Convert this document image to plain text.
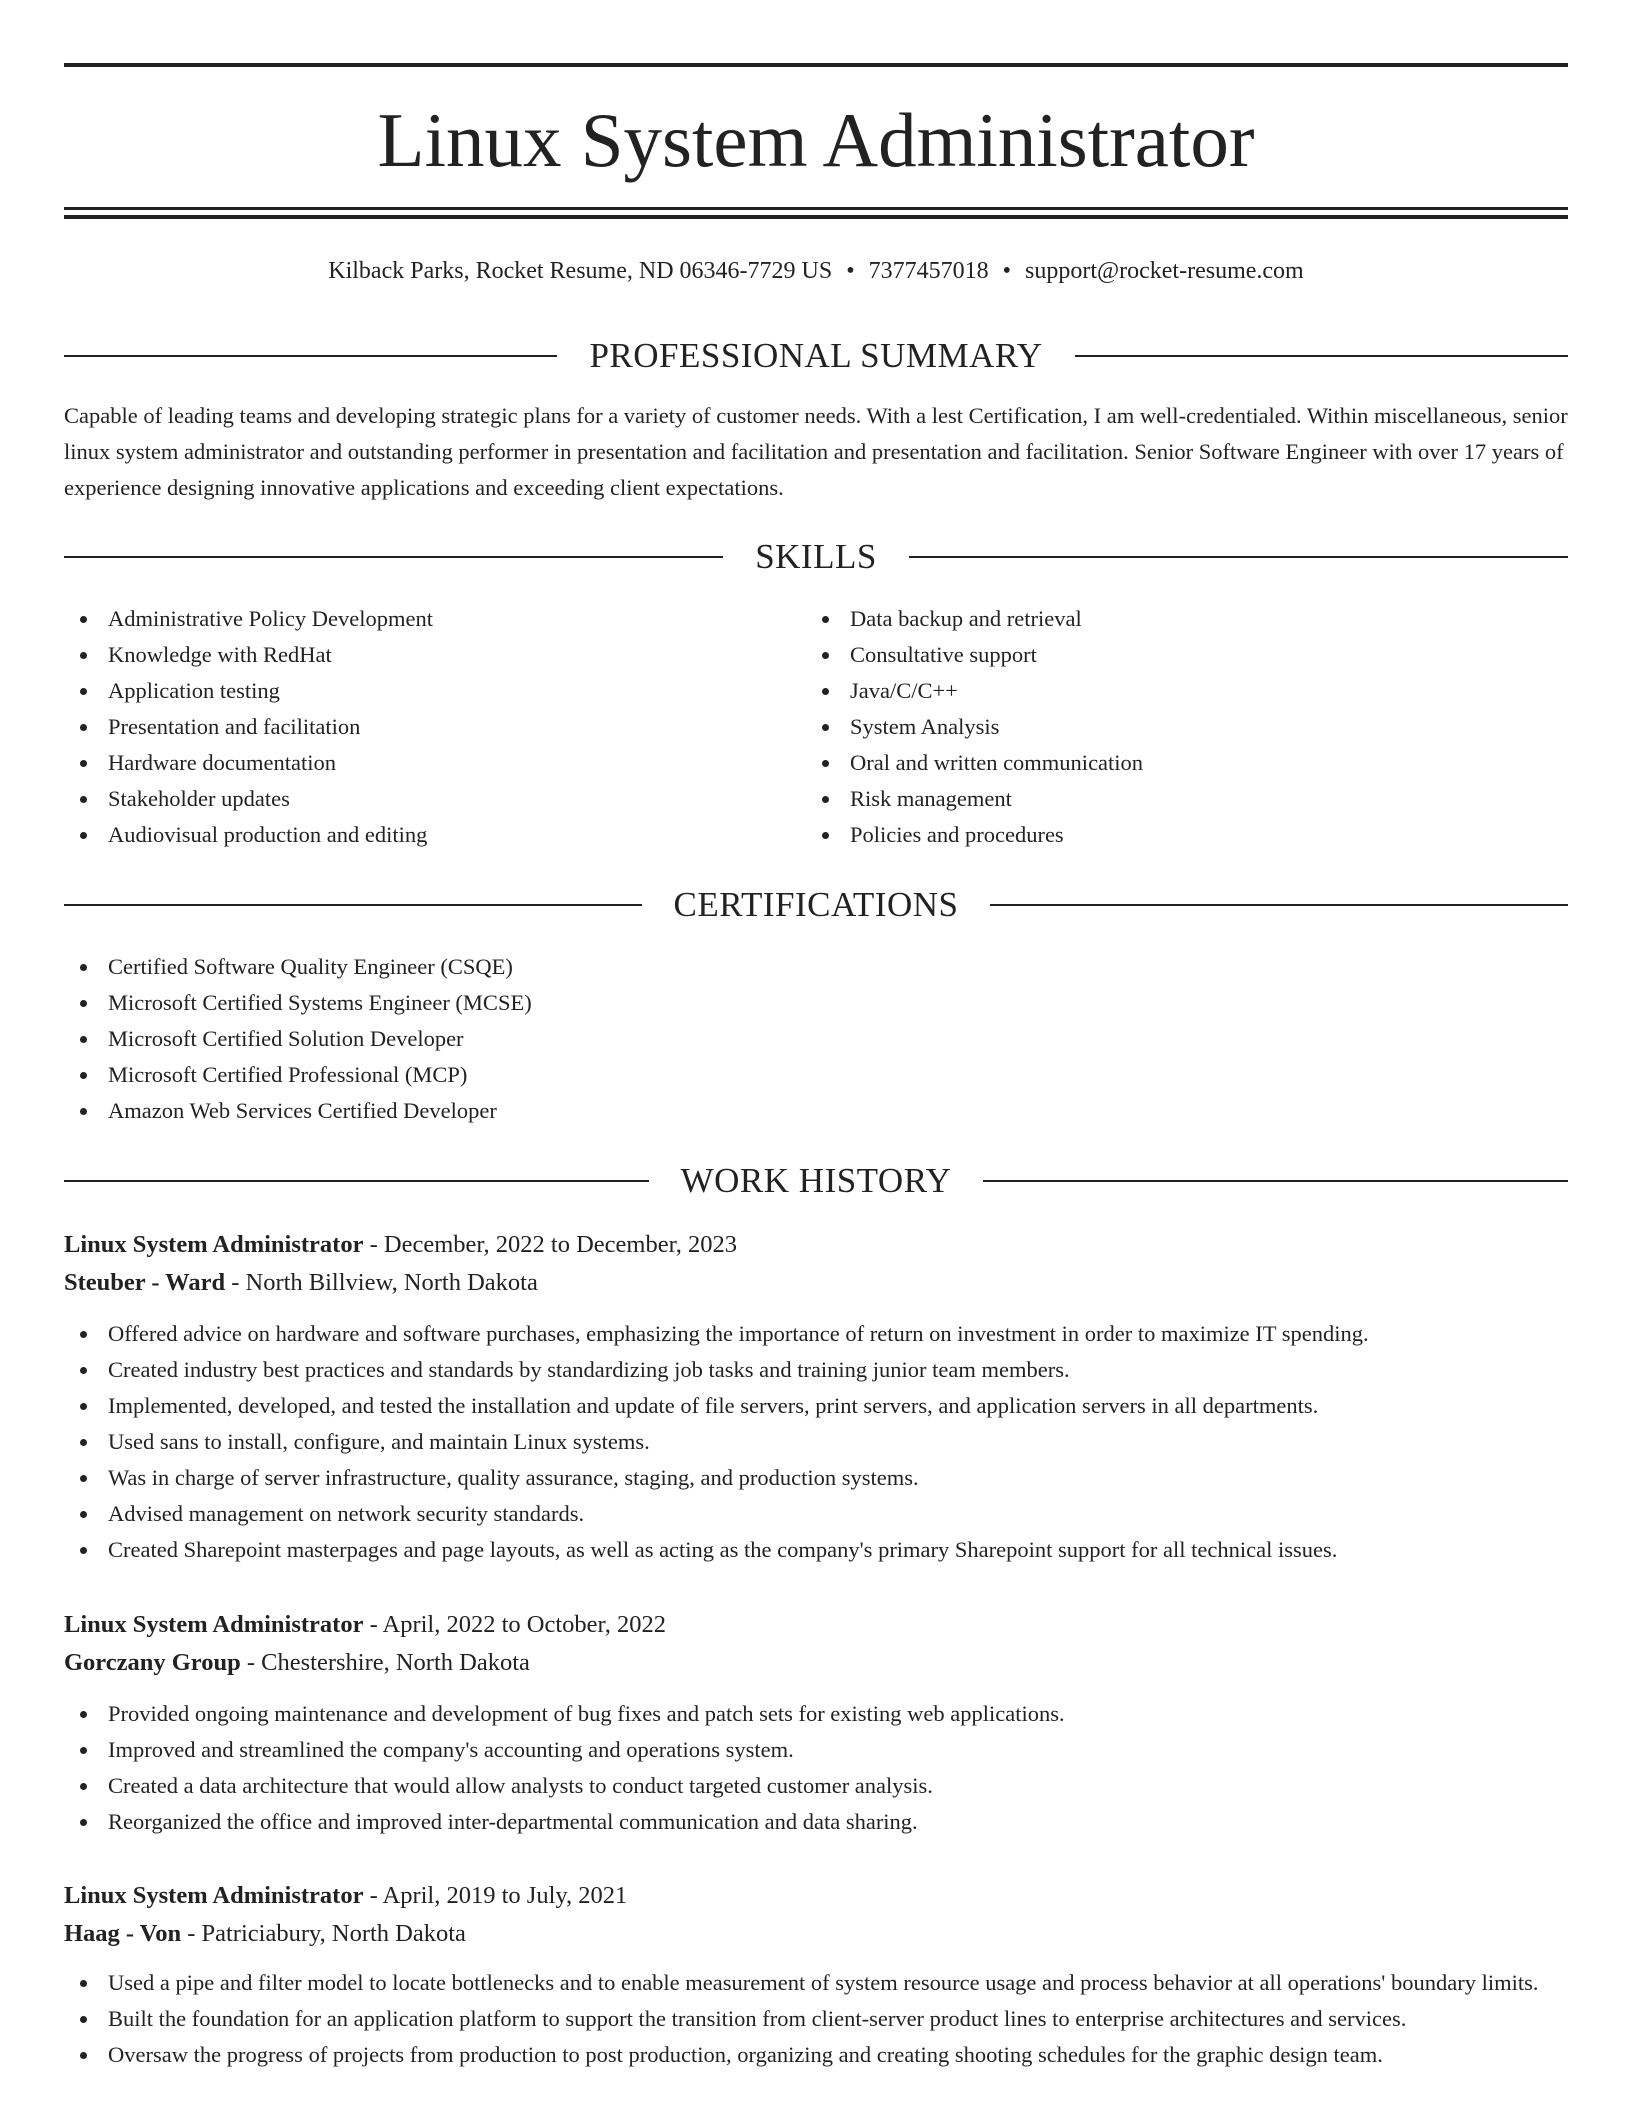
Linux System Administrator
Kilback Parks, Rocket Resume, ND 06346-7729 US • 7377457018 • support@rocket-resume.com
PROFESSIONAL SUMMARY

Capable of leading teams and developing strategic plans for a variety of customer needs. With a lest Certification, I am well-credentialed. Within miscellaneous, senior linux system administrator and outstanding performer in presentation and facilitation and presentation and facilitation. Senior Software Engineer with over 17 years of experience designing innovative applications and exceeding client expectations.

SKILLS
Administrative Policy Development
Knowledge with RedHat
Application testing
Presentation and facilitation
Hardware documentation
Stakeholder updates
Audiovisual production and editing
Data backup and retrieval
Consultative support
Java/C/C++
System Analysis
Oral and written communication
Risk management
Policies and procedures
CERTIFICATIONS
Certified Software Quality Engineer (CSQE)
Microsoft Certified Systems Engineer (MCSE)
Microsoft Certified Solution Developer
Microsoft Certified Professional (MCP)
Amazon Web Services Certified Developer
WORK HISTORY
Linux System Administrator - December, 2022 to December, 2023
Steuber - Ward - North Billview, North Dakota
Offered advice on hardware and software purchases, emphasizing the importance of return on investment in order to maximize IT spending.
Created industry best practices and standards by standardizing job tasks and training junior team members.
Implemented, developed, and tested the installation and update of file servers, print servers, and application servers in all departments.
Used sans to install, configure, and maintain Linux systems.
Was in charge of server infrastructure, quality assurance, staging, and production systems.
Advised management on network security standards.
Created Sharepoint masterpages and page layouts, as well as acting as the company's primary Sharepoint support for all technical issues.
Linux System Administrator - April, 2022 to October, 2022
Gorczany Group - Chestershire, North Dakota
Provided ongoing maintenance and development of bug fixes and patch sets for existing web applications.
Improved and streamlined the company's accounting and operations system.
Created a data architecture that would allow analysts to conduct targeted customer analysis.
Reorganized the office and improved inter-departmental communication and data sharing.
Linux System Administrator - April, 2019 to July, 2021
Haag - Von - Patriciabury, North Dakota
Used a pipe and filter model to locate bottlenecks and to enable measurement of system resource usage and process behavior at all operations' boundary limits.
Built the foundation for an application platform to support the transition from client-server product lines to enterprise architectures and services.
Oversaw the progress of projects from production to post production, organizing and creating shooting schedules for the graphic design team.
